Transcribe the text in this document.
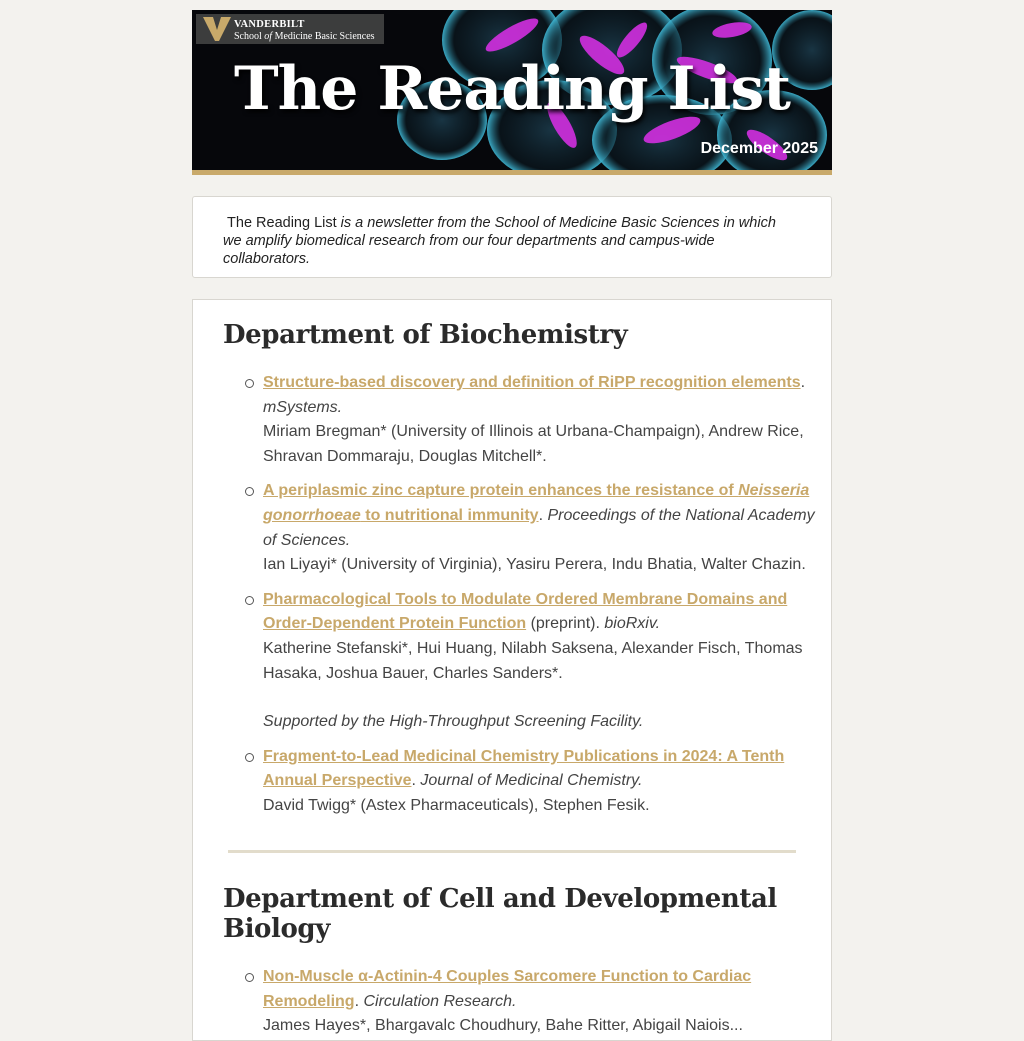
VANDERBILT
School of Medicine Basic Sciences
The Reading List
December 2025

The Reading List is a newsletter from the School of Medicine Basic Sciences in which we amplify biomedical research from our four departments and campus-wide collaborators.

Department of Biochemistry
Structure-based discovery and definition of RiPP recognition elements. mSystems.
Miriam Bregman* (University of Illinois at Urbana-Champaign), Andrew Rice, Shravan Dommaraju, Douglas Mitchell*.
A periplasmic zinc capture protein enhances the resistance of Neisseria gonorrhoeae to nutritional immunity. Proceedings of the National Academy of Sciences.
Ian Liyayi* (University of Virginia), Yasiru Perera, Indu Bhatia, Walter Chazin.
Pharmacological Tools to Modulate Ordered Membrane Domains and Order-Dependent Protein Function (preprint). bioRxiv.
Katherine Stefanski*, Hui Huang, Nilabh Saksena, Alexander Fisch, Thomas Hasaka, Joshua Bauer, Charles Sanders*.
Supported by the High-Throughput Screening Facility.
Fragment-to-Lead Medicinal Chemistry Publications in 2024: A Tenth Annual Perspective. Journal of Medicinal Chemistry.
David Twigg* (Astex Pharmaceuticals), Stephen Fesik.
Department of Cell and Developmental Biology
Non-Muscle α-Actinin-4 Couples Sarcomere Function to Cardiac Remodeling. Circulation Research.
James Hayes*, Bhargavalc Choudhury, Bahe Ritter, Abigail Naiois...
